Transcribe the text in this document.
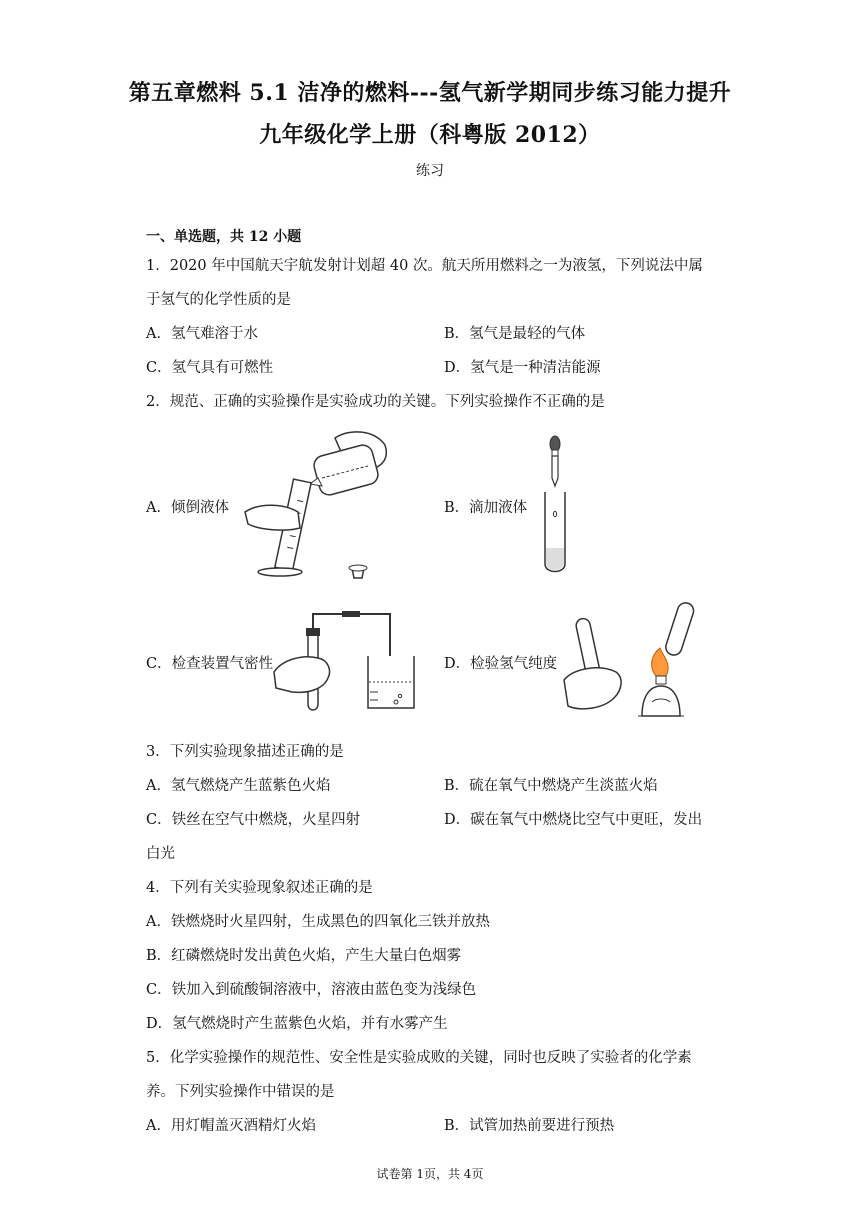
第五章燃料 5.1 洁净的燃料---氢气新学期同步练习能力提升
九年级化学上册（科粤版 2012）
练习
一、单选题，共 12 小题
1．2020 年中国航天宇航发射计划超 40 次。航天所用燃料之一为液氢，下列说法中属
于氢气的化学性质的是
A．氢气难溶于水	B．氢气是最轻的气体
C．氢气具有可燃性	D．氢气是一种清洁能源
2．规范、正确的实验操作是实验成功的关键。下列实验操作不正确的是
A．倾倒液体	B．滴加液体
C．检查装置气密性	D．检验氢气纯度
3．下列实验现象描述正确的是
A．氢气燃烧产生蓝紫色火焰	B．硫在氧气中燃烧产生淡蓝火焰
C．铁丝在空气中燃烧，火星四射	D．碳在氧气中燃烧比空气中更旺，发出
白光
4．下列有关实验现象叙述正确的是
A．铁燃烧时火星四射，生成黑色的四氧化三铁并放热
B．红磷燃烧时发出黄色火焰，产生大量白色烟雾
C．铁加入到硫酸铜溶液中，溶液由蓝色变为浅绿色
D．氢气燃烧时产生蓝紫色火焰，并有水雾产生
5．化学实验操作的规范性、安全性是实验成败的关键，同时也反映了实验者的化学素
养。下列实验操作中错误的是
A．用灯帽盖灭酒精灯火焰	B．试管加热前要进行预热
试卷第 1页，共 4页
